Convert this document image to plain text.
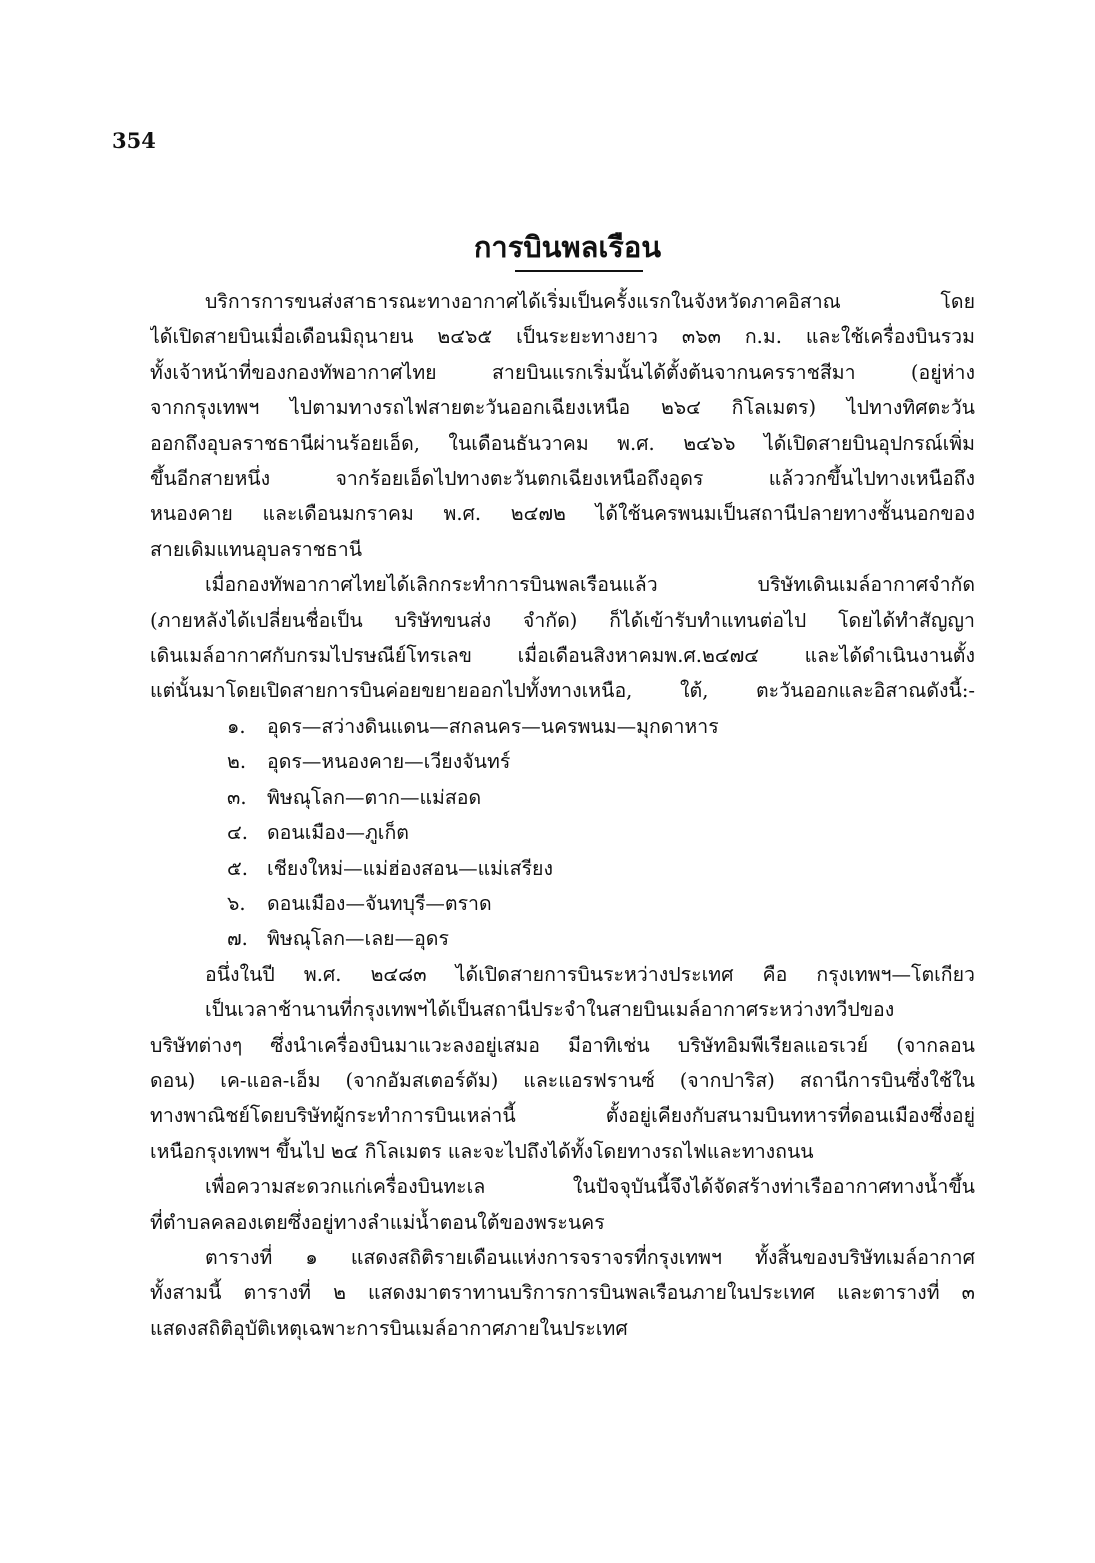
354
การบินพลเรือน
บริการการขนส่งสาธารณะทางอากาศได้เริ่มเป็นครั้งแรกในจังหวัดภาคอิสาณ โดย
ได้เปิดสายบินเมื่อเดือนมิถุนายน ๒๔๖๕ เป็นระยะทางยาว ๓๖๓ ก.ม. และใช้เครื่องบินรวม
ทั้งเจ้าหน้าที่ของกองทัพอากาศไทย สายบินแรกเริ่มนั้นได้ตั้งต้นจากนครราชสีมา (อยู่ห่าง
จากกรุงเทพฯ ไปตามทางรถไฟสายตะวันออกเฉียงเหนือ ๒๖๔ กิโลเมตร) ไปทางทิศตะวัน
ออกถึงอุบลราชธานีผ่านร้อยเอ็ด, ในเดือนธันวาคม พ.ศ. ๒๔๖๖ ได้เปิดสายบินอุปกรณ์เพิ่ม
ขึ้นอีกสายหนึ่ง จากร้อยเอ็ดไปทางตะวันตกเฉียงเหนือถึงอุดร แล้ววกขึ้นไปทางเหนือถึง
หนองคาย และเดือนมกราคม พ.ศ. ๒๔๗๒ ได้ใช้นครพนมเป็นสถานีปลายทางชั้นนอกของ
สายเดิมแทนอุบลราชธานี
เมื่อกองทัพอากาศไทยได้เลิกกระทำการบินพลเรือนแล้ว บริษัทเดินเมล์อากาศจำกัด
(ภายหลังได้เปลี่ยนชื่อเป็น บริษัทขนส่ง จำกัด) ก็ได้เข้ารับทำแทนต่อไป โดยได้ทำสัญญา
เดินเมล์อากาศกับกรมไปรษณีย์โทรเลข เมื่อเดือนสิงหาคมพ.ศ.๒๔๗๔ และได้ดำเนินงานตั้ง
แต่นั้นมาโดยเปิดสายการบินค่อยขยายออกไปทั้งทางเหนือ, ใต้, ตะวันออกและอิสาณดังนี้:-
๑. อุดร—สว่างดินแดน—สกลนคร—นครพนม—มุกดาหาร
๒. อุดร—หนองคาย—เวียงจันทร์
๓. พิษณุโลก—ตาก—แม่สอด
๔. ดอนเมือง—ภูเก็ต
๕. เชียงใหม่—แม่ฮ่องสอน—แม่เสรียง
๖. ดอนเมือง—จันทบุรี—ตราด
๗. พิษณุโลก—เลย—อุดร
อนึ่งในปี พ.ศ. ๒๔๘๓ ได้เปิดสายการบินระหว่างประเทศ คือ กรุงเทพฯ—โตเกียว
เป็นเวลาช้านานที่กรุงเทพฯได้เป็นสถานีประจำในสายบินเมล์อากาศระหว่างทวีปของ
บริษัทต่างๆ ซึ่งนำเครื่องบินมาแวะลงอยู่เสมอ มีอาทิเช่น บริษัทอิมพีเรียลแอรเวย์ (จากลอน
ดอน) เค-แอล-เอ็ม (จากอัมสเตอร์ดัม) และแอรฟรานซ์ (จากปาริส) สถานีการบินซึ่งใช้ใน
ทางพาณิชย์โดยบริษัทผู้กระทำการบินเหล่านี้ ตั้งอยู่เคียงกับสนามบินทหารที่ดอนเมืองซึ่งอยู่
เหนือกรุงเทพฯ ขึ้นไป ๒๔ กิโลเมตร และจะไปถึงได้ทั้งโดยทางรถไฟและทางถนน
เพื่อความสะดวกแก่เครื่องบินทะเล ในปัจจุบันนี้จึงได้จัดสร้างท่าเรืออากาศทางน้ำขึ้น
ที่ตำบลคลองเตยซึ่งอยู่ทางลำแม่น้ำตอนใต้ของพระนคร
ตารางที่ ๑ แสดงสถิติรายเดือนแห่งการจราจรที่กรุงเทพฯ ทั้งสิ้นของบริษัทเมล์อากาศ
ทั้งสามนี้ ตารางที่ ๒ แสดงมาตราทานบริการการบินพลเรือนภายในประเทศ และตารางที่ ๓
แสดงสถิติอุบัติเหตุเฉพาะการบินเมล์อากาศภายในประเทศ
